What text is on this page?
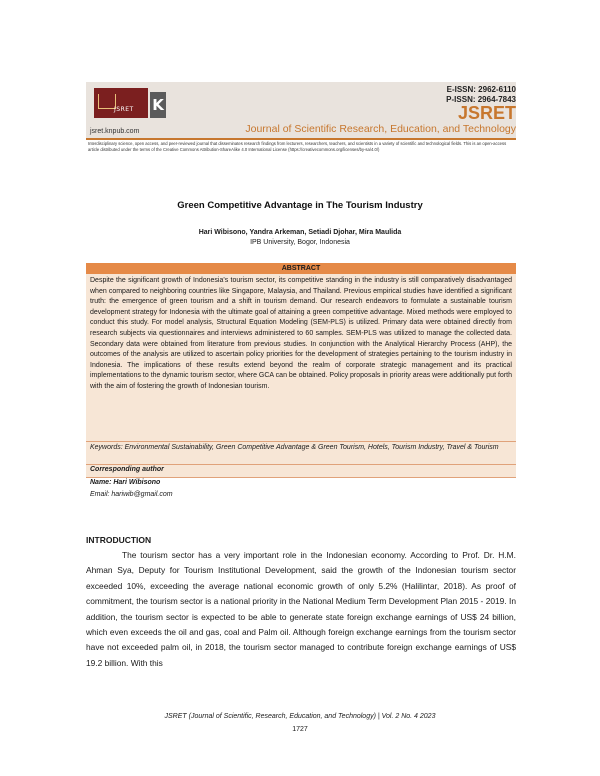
JSRET K
jsret.knpub.com
E-ISSN: 2962-6110
P-ISSN: 2964-7843
JSRET
Journal of Scientific Research, Education, and Technology
Interdisciplinary science, open access, and peer-reviewed journal that disseminates research findings from lecturers, researchers, teachers, and scientists in a variety of scientific and technological fields. This is an open-access article distributed under the terms of the Creative Commons Attribution-ShareAlike 4.0 International License (https://creativecommons.org/licenses/by-sa/4.0/)
Green Competitive Advantage in The Tourism Industry
Hari Wibisono, Yandra Arkeman, Setiadi Djohar, Mira Maulida
IPB University, Bogor, Indonesia
ABSTRACT
Despite the significant growth of Indonesia's tourism sector, its competitive standing in the industry is still comparatively disadvantaged when compared to neighboring countries like Singapore, Malaysia, and Thailand. Previous empirical studies have identified a significant truth: the emergence of green tourism and a shift in tourism demand. Our research endeavors to formulate a sustainable tourism development strategy for Indonesia with the ultimate goal of attaining a green competitive advantage. Mixed methods were employed to conduct this study. For model analysis, Structural Equation Modeling (SEM-PLS) is utilized. Primary data were obtained directly from research subjects via questionnaires and interviews administered to 60 samples. SEM-PLS was utilized to manage the collected data. Secondary data were obtained from literature from previous studies. In conjunction with the Analytical Hierarchy Process (AHP), the outcomes of the analysis are utilized to ascertain policy priorities for the development of strategies pertaining to the tourism industry in Indonesia. The implications of these results extend beyond the realm of corporate strategic management and its practical implementations to the dynamic tourism sector, where GCA can be obtained. Policy proposals in priority areas were additionally put forth with the aim of fostering the growth of Indonesian tourism.
Keywords: Environmental Sustainability, Green Competitive Advantage & Green Tourism, Hotels, Tourism Industry, Travel & Tourism
Corresponding author
Name: Hari Wibisono
Email: hariwib@gmail.com
INTRODUCTION
The tourism sector has a very important role in the Indonesian economy. According to Prof. Dr. H.M. Ahman Sya, Deputy for Tourism Institutional Development, said the growth of the Indonesian tourism sector exceeded 10%, exceeding the average national economic growth of only 5.2% (Halilintar, 2018). As proof of commitment, the tourism sector is a national priority in the National Medium Term Development Plan 2015 - 2019. In addition, the tourism sector is expected to be able to generate state foreign exchange earnings of US$ 24 billion, which even exceeds the oil and gas, coal and Palm oil. Although foreign exchange earnings from the tourism sector have not exceeded palm oil, in 2018, the tourism sector managed to contribute foreign exchange earnings of US$ 19.2 billion. With this
JSRET (Journal of Scientific, Research, Education, and Technology) | Vol. 2 No. 4 2023
1727
